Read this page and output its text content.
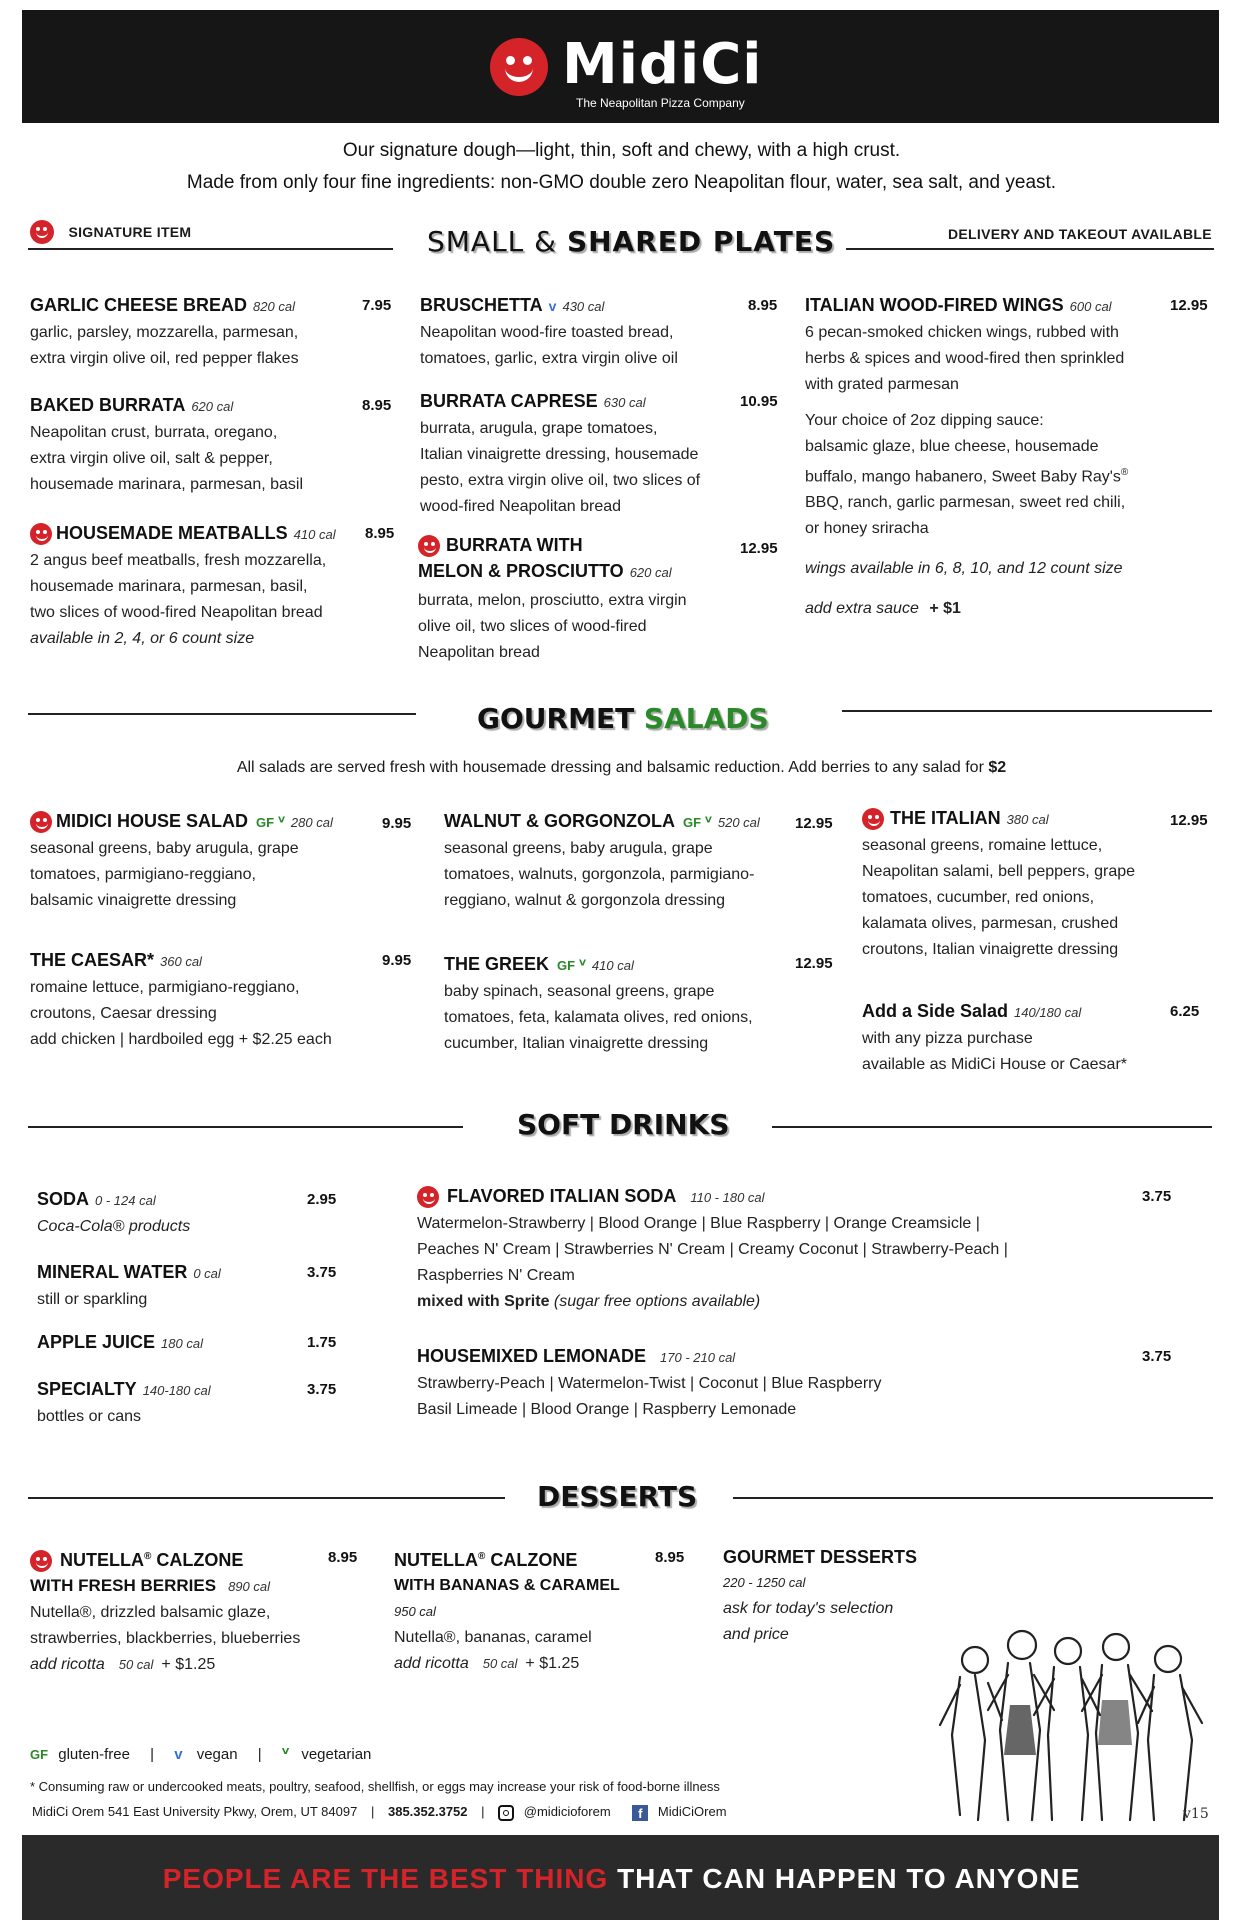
MidiCi
The Neapolitan Pizza Company
Our signature dough—light, thin, soft and chewy, with a high crust.
Made from only four fine ingredients: non-GMO double zero Neapolitan flour, water, sea salt, and yeast.
SIGNATURE ITEM	SMALL & SHARED PLATES	DELIVERY AND TAKEOUT AVAILABLE
GARLIC CHEESE BREAD 820 cal
garlic, parsley, mozzarella, parmesan,
extra virgin olive oil, red pepper flakes
7.95
BAKED BURRATA 620 cal
Neapolitan crust, burrata, oregano,
extra virgin olive oil, salt & pepper,
housemade marinara, parmesan, basil
8.95
HOUSEMADE MEATBALLS 410 cal
2 angus beef meatballs, fresh mozzarella,
housemade marinara, parmesan, basil,
two slices of wood-fired Neapolitan bread
available in 2, 4, or 6 count size
8.95
BRUSCHETTA v 430 cal
Neapolitan wood-fire toasted bread,
tomatoes, garlic, extra virgin olive oil
8.95
BURRATA CAPRESE 630 cal
burrata, arugula, grape tomatoes,
Italian vinaigrette dressing, housemade
pesto, extra virgin olive oil, two slices of
wood-fired Neapolitan bread
10.95
BURRATA WITH
MELON & PROSCIUTTO 620 cal
burrata, melon, prosciutto, extra virgin
olive oil, two slices of wood-fired
Neapolitan bread
12.95
ITALIAN WOOD-FIRED WINGS 600 cal
6 pecan-smoked chicken wings, rubbed with
herbs & spices and wood-fired then sprinkled
with grated parmesan
Your choice of 2oz dipping sauce:
balsamic glaze, blue cheese, housemade
buffalo, mango habanero, Sweet Baby Ray's®
BBQ, ranch, garlic parmesan, sweet red chili,
or honey sriracha
wings available in 6, 8, 10, and 12 count size
add extra sauce + $1
12.95
GOURMET SALADS
All salads are served fresh with housemade dressing and balsamic reduction. Add berries to any salad for $2
MIDICI HOUSE SALAD GF ⱽ 280 cal
seasonal greens, baby arugula, grape
tomatoes, parmigiano-reggiano,
balsamic vinaigrette dressing
9.95
THE CAESAR* 360 cal
romaine lettuce, parmigiano-reggiano,
croutons, Caesar dressing
add chicken | hardboiled egg + $2.25 each
9.95
WALNUT & GORGONZOLA GF ⱽ 520 cal
seasonal greens, baby arugula, grape
tomatoes, walnuts, gorgonzola, parmigiano-
reggiano, walnut & gorgonzola dressing
12.95
THE GREEK GF ⱽ 410 cal
baby spinach, seasonal greens, grape
tomatoes, feta, kalamata olives, red onions,
cucumber, Italian vinaigrette dressing
12.95
THE ITALIAN 380 cal
seasonal greens, romaine lettuce,
Neapolitan salami, bell peppers, grape
tomatoes, cucumber, red onions,
kalamata olives, parmesan, crushed
croutons, Italian vinaigrette dressing
12.95
Add a Side Salad 140/180 cal
with any pizza purchase
available as MidiCi House or Caesar*
6.25
SOFT DRINKS
SODA 0 - 124 cal
Coca-Cola® products
2.95
MINERAL WATER 0 cal
still or sparkling
3.75
APPLE JUICE 180 cal	1.75
SPECIALTY 140-180 cal
bottles or cans
3.75
FLAVORED ITALIAN SODA 110 - 180 cal
Watermelon-Strawberry | Blood Orange | Blue Raspberry | Orange Creamsicle |
Peaches N' Cream | Strawberries N' Cream | Creamy Coconut | Strawberry-Peach |
Raspberries N' Cream
mixed with Sprite (sugar free options available)
3.75
HOUSEMIXED LEMONADE 170 - 210 cal
Strawberry-Peach | Watermelon-Twist | Coconut | Blue Raspberry
Basil Limeade | Blood Orange | Raspberry Lemonade
3.75
DESSERTS
NUTELLA® CALZONE
WITH FRESH BERRIES 890 cal
Nutella®, drizzled balsamic glaze,
strawberries, blackberries, blueberries
add ricotta 50 cal + $1.25
8.95 NUTELLA® CALZONE
WITH BANANAS & CARAMEL
950 cal
Nutella®, bananas, caramel
add ricotta 50 cal + $1.25
8.95 GOURMET DESSERTS
220 - 1250 cal
ask for today's selection
and price
GF gluten-free | v vegan | ⱽ vegetarian
* Consuming raw or undercooked meats, poultry, seafood, shellfish, or eggs may increase your risk of food-borne illness
MidiCi Orem 541 East University Pkwy, Orem, UT 84097 | 385.352.3752 |	@midicioforem f MidiCiOrem	v15
PEOPLE ARE THE BEST THING THAT CAN HAPPEN TO ANYONE
